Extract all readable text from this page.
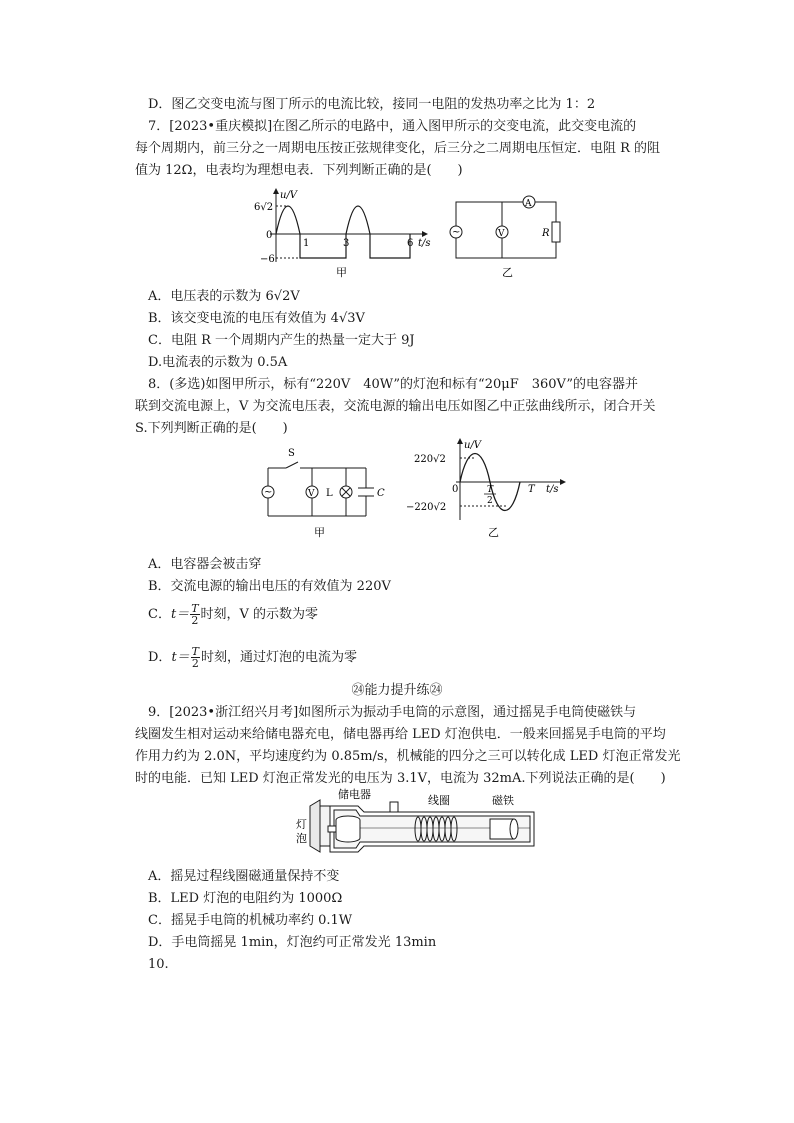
D．图乙交变电流与图丁所示的电流比较，接同一电阻的发热功率之比为 1：2
7．[2023•重庆模拟]在图乙所示的电路中，通入图甲所示的交变电流，此交变电流的
每个周期内，前三分之一周期电压按正弦规律变化，后三分之二周期电压恒定．电阻 R 的阻
值为 12Ω，电表均为理想电表．下列判断正确的是(　　)
u/V
6√2
0
−6
1	3	6 t/s
甲
~	V
A
R
乙
A．电压表的示数为 6√2V
B．该交变电流的电压有效值为 4√3V
C．电阻 R 一个周期内产生的热量一定大于 9J
D.电流表的示数为 0.5A
8．(多选)如图甲所示，标有“220V　40W”的灯泡和标有“20μF　360V”的电容器并
联到交流电源上，V 为交流电压表，交流电源的输出电压如图乙中正弦曲线所示，闭合开关
S.下列判断正确的是(　　)
~	V
S
L	C
甲
u/V
220√2
0
−220√2
T
2
T t/s
乙
A．电容器会被击穿
B．交流电源的输出电压的有效值为 220V
C．$t= \frac{T}{2}$ 时刻，V 的示数为零
D．$t= \frac{T}{2}$ 时刻，通过灯泡的电流为零
㉔能力提升练㉔
9．[2023•浙江绍兴月考]如图所示为振动手电筒的示意图，通过摇晃手电筒使磁铁与
线圈发生相对运动来给储电器充电，储电器再给 LED 灯泡供电．一般来回摇晃手电筒的平均
作用力约为 2.0N，平均速度约为 0.85m/s，机械能的四分之三可以转化成 LED 灯泡正常发光
时的电能．已知 LED 灯泡正常发光的电压为 3.1V，电流为 32mA.下列说法正确的是(　　)
储电器	线圈	磁铁
灯
泡
A．摇晃过程线圈磁通量保持不变
B．LED 灯泡的电阻约为 1000Ω
C．摇晃手电筒的机械功率约 0.1W
D．手电筒摇晃 1min，灯泡约可正常发光 13min
10.
